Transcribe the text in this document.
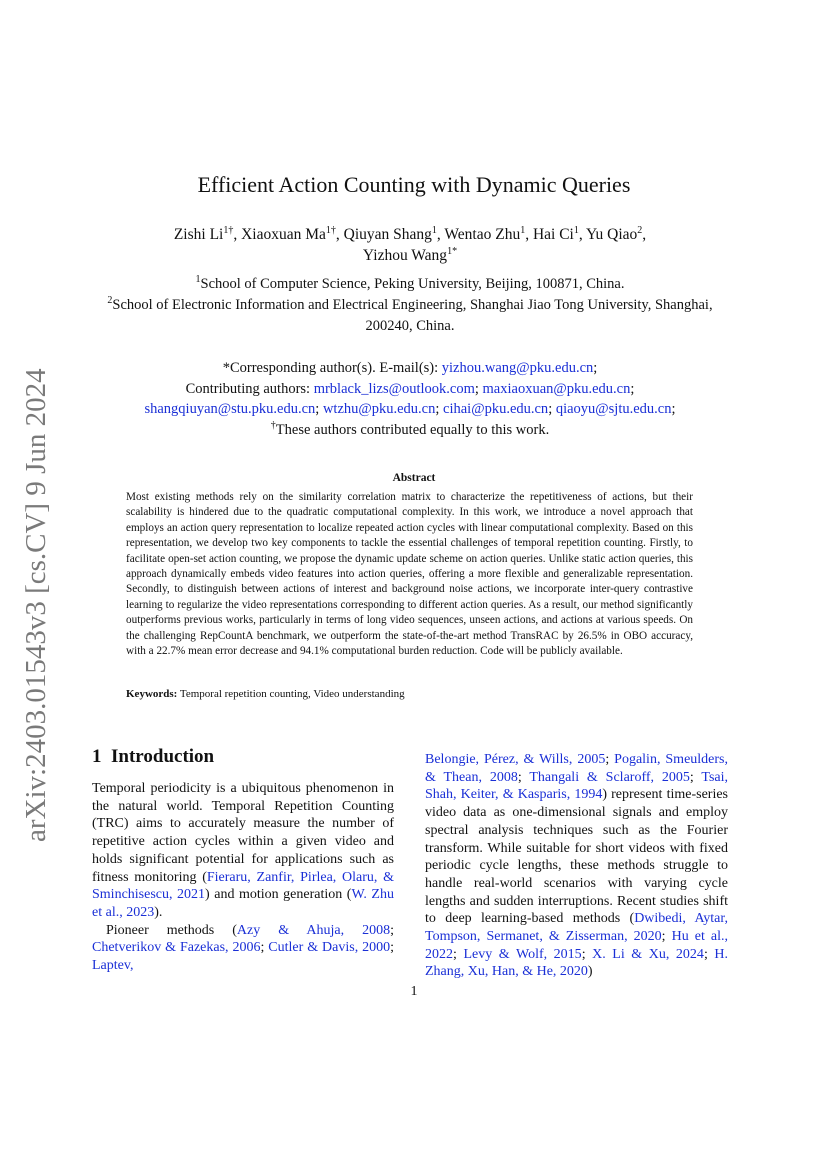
arXiv:2403.01543v3 [cs.CV] 9 Jun 2024
Efficient Action Counting with Dynamic Queries
Zishi $Li^{1\dagger}$, Xiaoxuan $Ma^{1\dagger}$, Qiuyan Shang$^1$, Wentao Zhu$^1$, Hai Ci$^1$, Yu Qiao$^2$,
Yizhou Wang$^{1*}$
$^1$School of Computer Science, Peking University, Beijing, 100871, China.
$^2$School of Electronic Information and Electrical Engineering, Shanghai Jiao Tong University, Shanghai, 200240, China.
*Corresponding author(s). E-mail(s): yizhou.wang@pku.edu.cn;
Contributing authors: mrblack_lizs@outlook.com; maxiaoxuan@pku.edu.cn;
shangqiuyan@stu.pku.edu.cn; wtzhu@pku.edu.cn; cihai@pku.edu.cn; qiaoyu@sjtu.edu.cn;
†These authors contributed equally to this work.
Abstract
Most existing methods rely on the similarity correlation matrix to characterize the repetitiveness of actions, but their scalability is hindered due to the quadratic computational complexity. In this work, we introduce a novel approach that employs an action query representation to localize repeated action cycles with linear computational complexity. Based on this representation, we develop two key components to tackle the essential challenges of temporal repetition counting. Firstly, to facilitate open-set action counting, we propose the dynamic update scheme on action queries. Unlike static action queries, this approach dynamically embeds video features into action queries, offering a more flexible and generalizable representation. Secondly, to distinguish between actions of interest and background noise actions, we incorporate inter-query contrastive learning to regularize the video representations corresponding to different action queries. As a result, our method significantly outperforms previous works, particularly in terms of long video sequences, unseen actions, and actions at various speeds. On the challenging RepCountA benchmark, we outperform the state-of-the-art method TransRAC by 26.5% in OBO accuracy, with a 22.7% mean error decrease and 94.1% computational burden reduction. Code will be publicly available.
Keywords: Temporal repetition counting, Video understanding
1 Introduction

Temporal periodicity is a ubiquitous phenomenon in the natural world. Temporal Repetition Counting (TRC) aims to accurately measure the number of repetitive action cycles within a given video and holds significant potential for applications such as fitness monitoring (Fieraru, Zanfir, Pirlea, Olaru, & Sminchisescu, 2021) and motion generation (W. Zhu et al., 2023).

Pioneer methods (Azy & Ahuja, 2008; Chetverikov & Fazekas, 2006; Cutler & Davis, 2000; Laptev,

Belongie, Pérez, & Wills, 2005; Pogalin, Smeulders, & Thean, 2008; Thangali & Sclaroff, 2005; Tsai, Shah, Keiter, & Kasparis, 1994) represent time-series video data as one-dimensional signals and employ spectral analysis techniques such as the Fourier transform. While suitable for short videos with fixed periodic cycle lengths, these methods struggle to handle real-world scenarios with varying cycle lengths and sudden interruptions. Recent studies shift to deep learning-based methods (Dwibedi, Aytar, Tompson, Sermanet, & Zisserman, 2020; Hu et al., 2022; Levy & Wolf, 2015; X. Li & Xu, 2024; H. Zhang, Xu, Han, & He, 2020)

1
